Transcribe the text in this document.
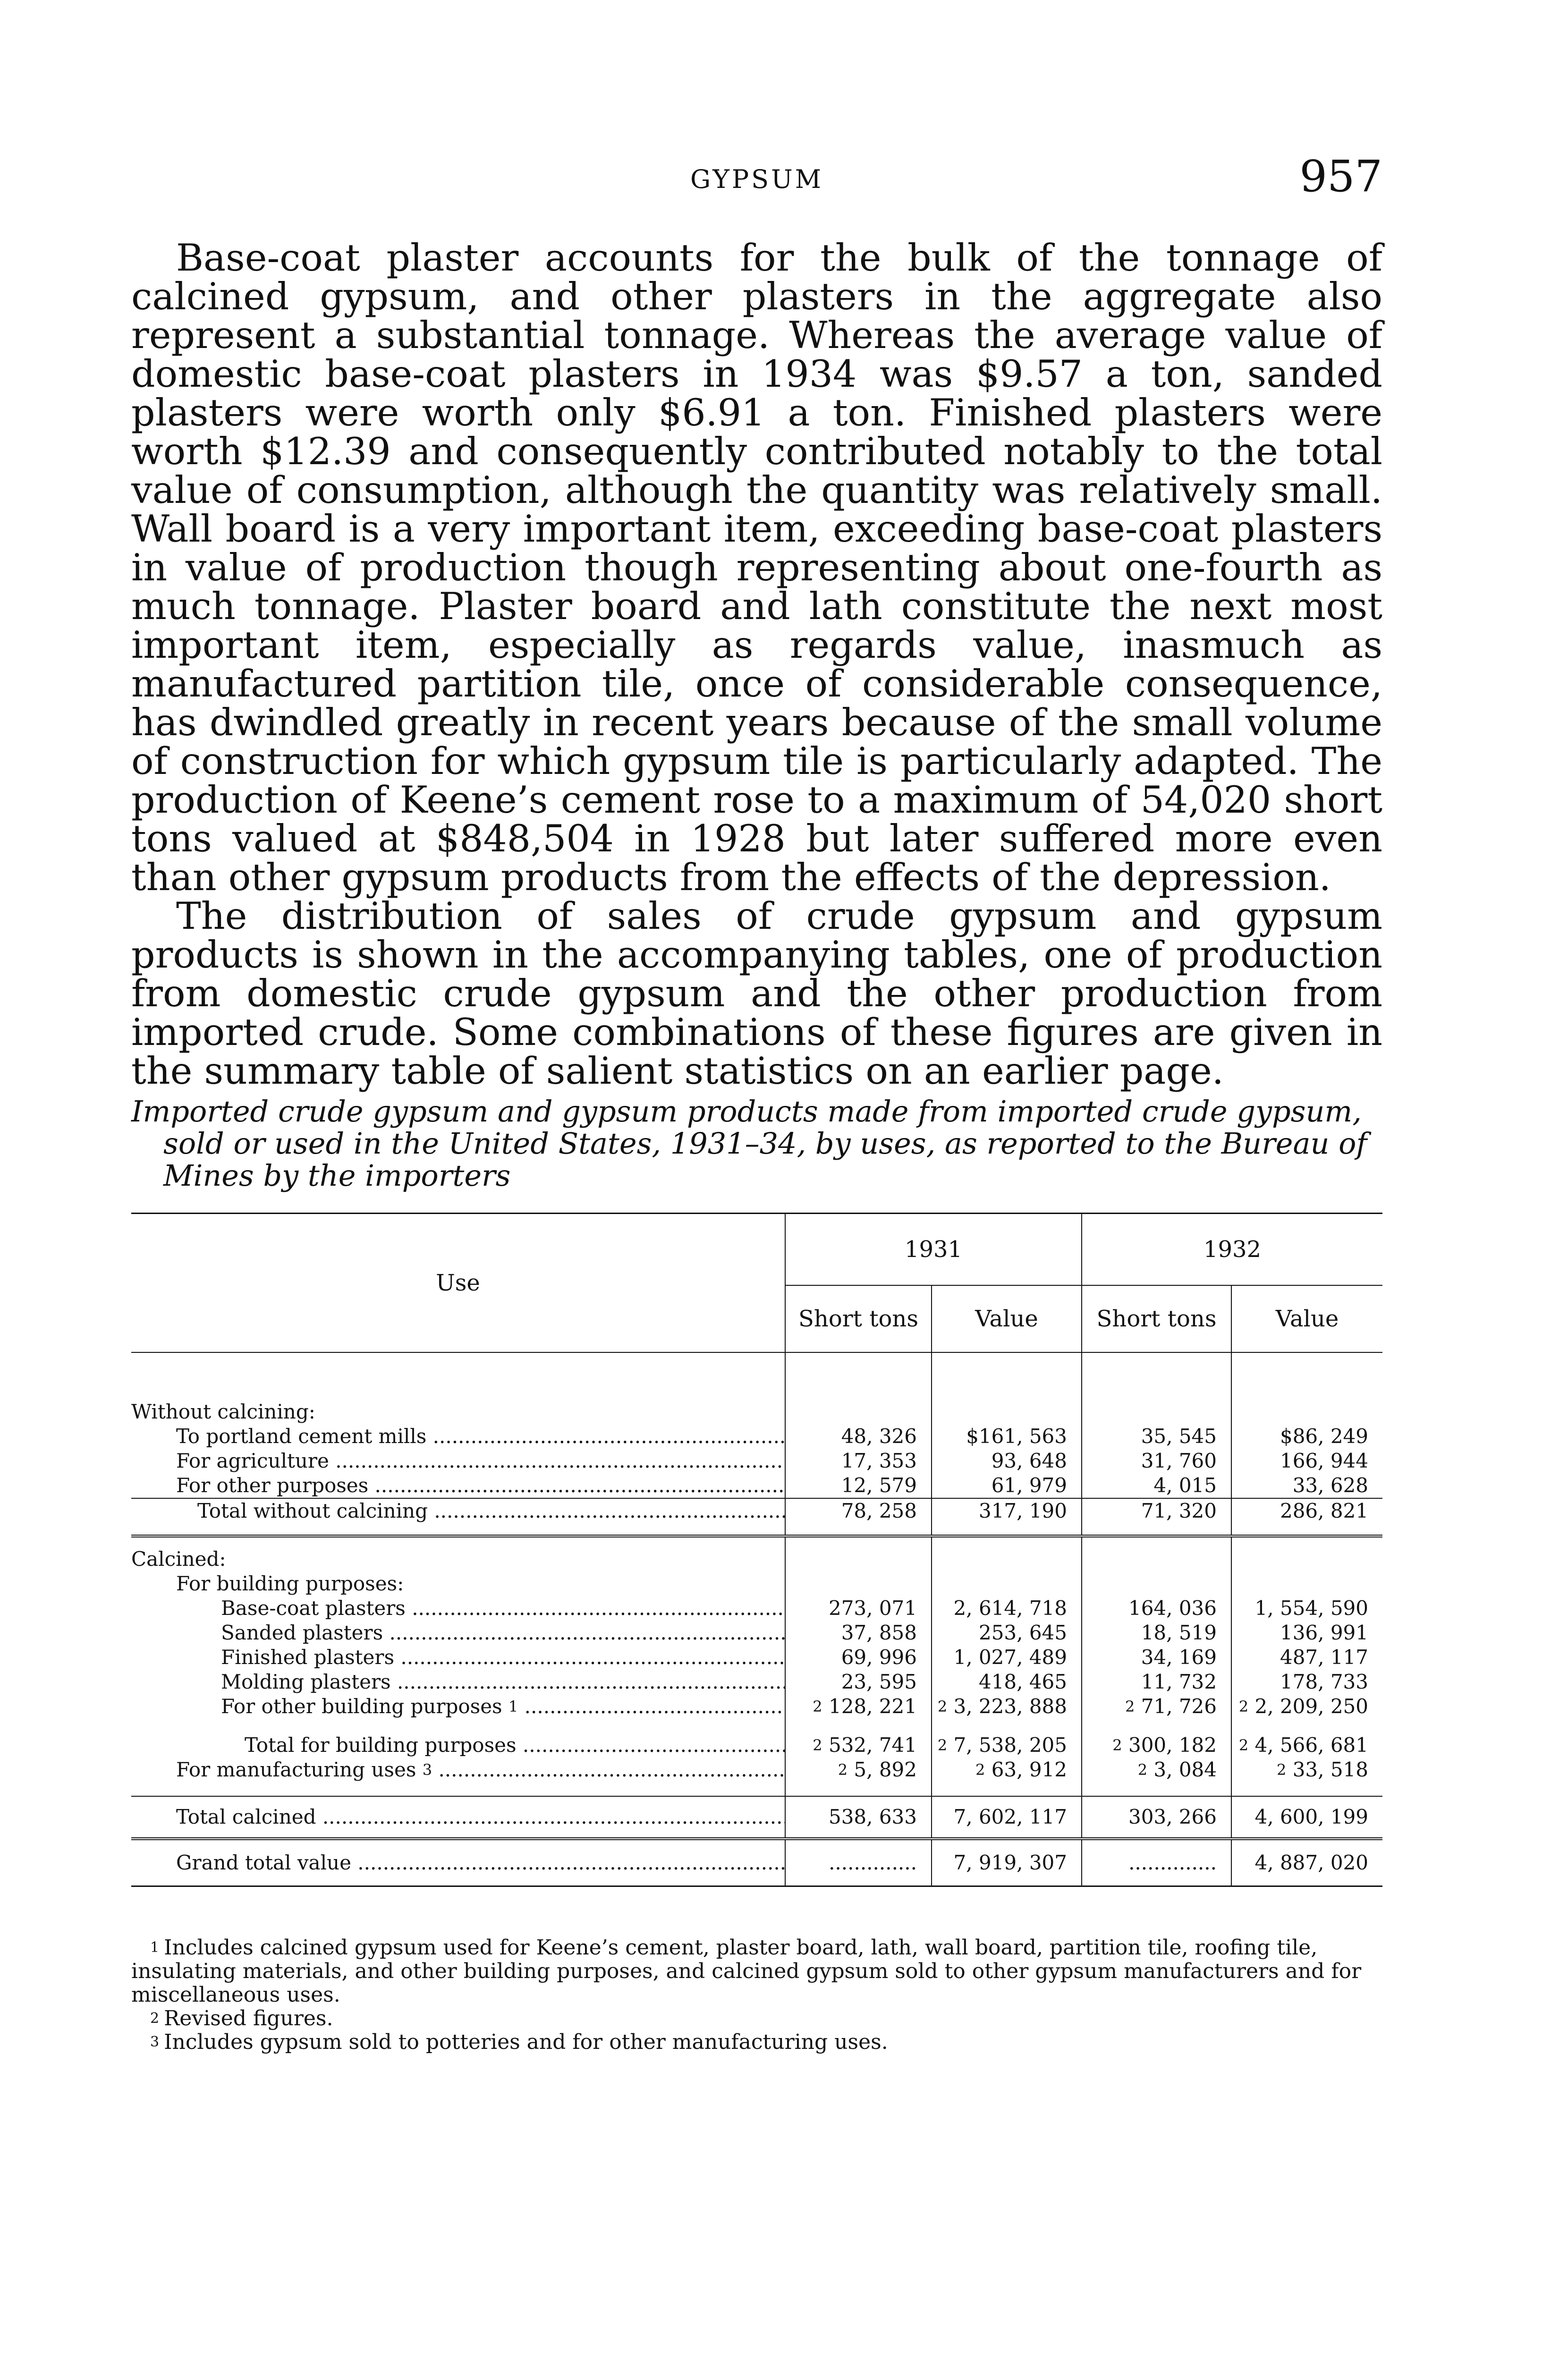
GYPSUM	957

Base-coat plaster accounts for the bulk of the tonnage of calcined gypsum, and other plasters in the aggregate also represent a substantial tonnage. Whereas the average value of domestic base-coat plasters in 1934 was $9.57 a ton, sanded plasters were worth only $6.91 a ton. Finished plasters were worth $12.39 and consequently contributed notably to the total value of consumption, although the quantity was relatively small. Wall board is a very important item, exceeding base-coat plasters in value of production though representing about one-fourth as much tonnage. Plaster board and lath constitute the next most important item, especially as regards value, inasmuch as manufactured partition tile, once of considerable consequence, has dwindled greatly in recent years because of the small volume of construction for which gypsum tile is particularly adapted. The production of Keene’s cement rose to a maximum of 54,020 short tons valued at $848,504 in 1928 but later suffered more even than other gypsum products from the effects of the depression.

The distribution of sales of crude gypsum and gypsum products is shown in the accompanying tables, one of production from domestic crude gypsum and the other production from imported crude. Some combinations of these figures are given in the summary table of salient statistics on an earlier page.

Imported crude gypsum and gypsum products made from imported crude gypsum, sold or used in the United States, 1931–34, by uses, as reported to the Bureau of Mines by the importers
Use	1931		1932	
	Short tons	Value	Short tons	Value

Without calcining:				
To portland cement mills .....	48, 326	$161, 563	35, 545	$86, 249
For agriculture .....	17, 353	93, 648	31, 760	166, 944
For other purposes .....	12, 579	61, 979	4, 015	33, 628
Total without calcining .....	78, 258	317, 190	71, 320	286, 821

Calcined:				
For building purposes:				
Base-coat plasters .....	273, 071	2, 614, 718	164, 036	1, 554, 590
Sanded plasters .....	37, 858	253, 645	18, 519	136, 991
Finished plasters .....	69, 996	1, 027, 489	34, 169	487, 117
Molding plasters .....	23, 595	418, 465	11, 732	178, 733
For other building purposes $^1$ .....	$^2$ 128, 221	$^2$ 3, 223, 888	$^2$ 71, 726	$^2$ 2, 209, 250

Total for building purposes .....	$^2$ 532, 741	$^2$ 7, 538, 205	$^2$ 300, 182	$^2$ 4, 566, 681
For manufacturing uses $^3$ .....	$^2$ 5, 892	$^2$ 63, 912	$^2$ 3, 084	$^2$ 33, 518

Total calcined .....	538, 633	7, 602, 117	303, 266	4, 600, 199
Grand total value .....	..............	7, 919, 307	..............	4, 887, 020

$^1$ Includes calcined gypsum used for Keene’s cement, plaster board, lath, wall board, partition tile, roofing tile, insulating materials, and other building purposes, and calcined gypsum sold to other gypsum manufacturers and for miscellaneous uses.

$^2$ Revised figures.

$^3$ Includes gypsum sold to potteries and for other manufacturing uses.
